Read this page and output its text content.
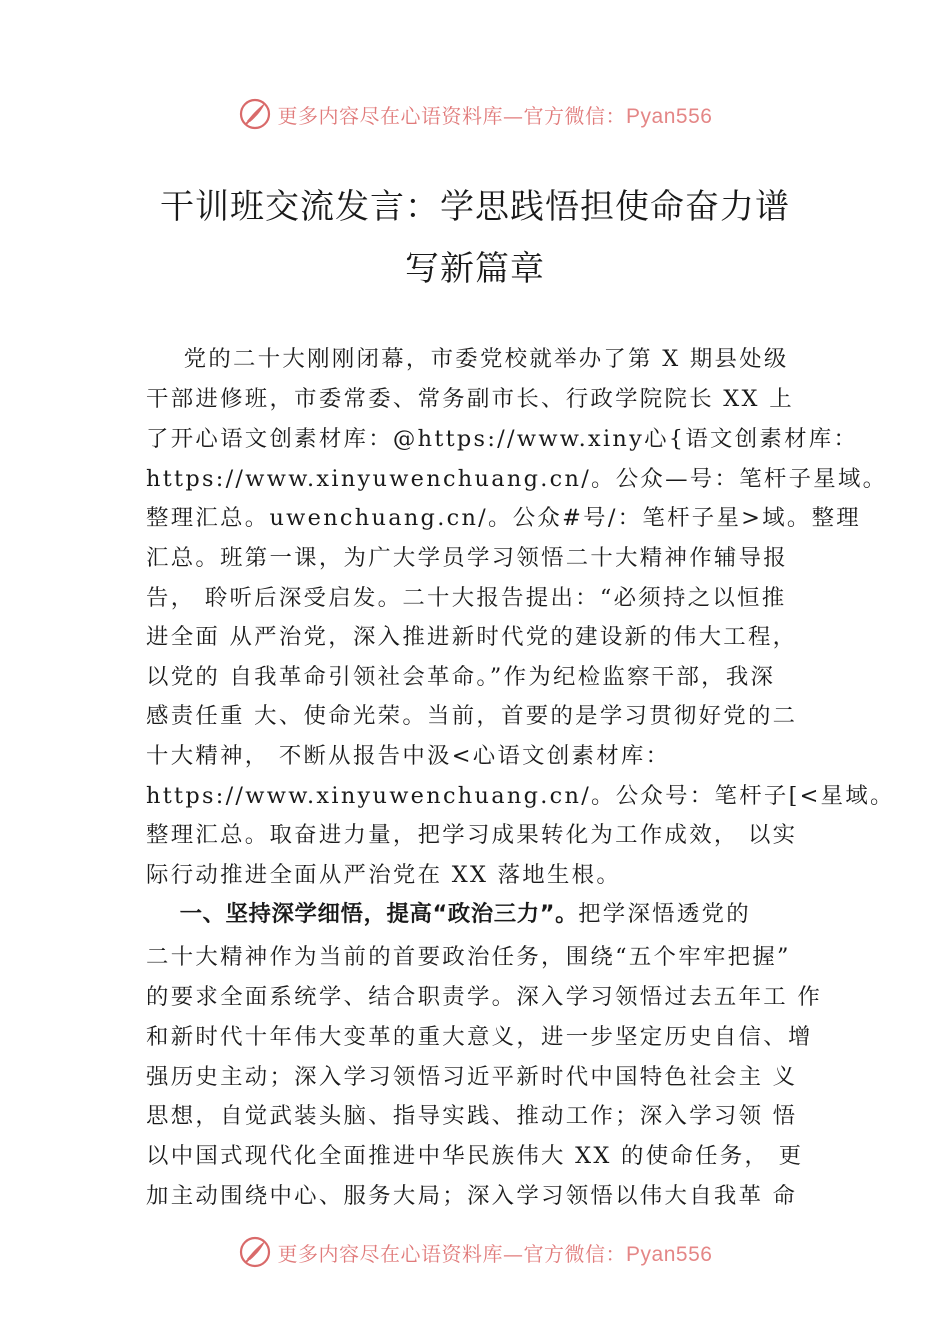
更多内容尽在心语资料库—官方微信：Pyan556
干训班交流发言：学思践悟担使命奋力谱
写新篇章
党的二十大刚刚闭幕，市委党校就举办了第 X 期县处级
干部进修班，市委常委、常务副市长、行政学院院长 XX 上
了开心语文创素材库：@https://www.xiny心{语文创素材库：
https://www.xinyuwenchuang.cn/。公众—号：笔杆子星域。
整理汇总。uwenchuang.cn/。公众#号/：笔杆子星>域。整理
汇总。班第一课，为广大学员学习领悟二十大精神作辅导报
告， 聆听后深受启发。二十大报告提出：“必须持之以恒推
进全面 从严治党，深入推进新时代党的建设新的伟大工程，
以党的 自我革命引领社会革命。”作为纪检监察干部，我深
感责任重 大、使命光荣。当前，首要的是学习贯彻好党的二
十大精神， 不断从报告中汲<心语文创素材库：
https://www.xinyuwenchuang.cn/。公众号：笔杆子[<星域。
整理汇总。取奋进力量，把学习成果转化为工作成效， 以实
际行动推进全面从严治党在 XX 落地生根。
一、坚持深学细悟，提高“政治三力”。把学深悟透党的
二十大精神作为当前的首要政治任务，围绕“五个牢牢把握”
的要求全面系统学、结合职责学。深入学习领悟过去五年工 作
和新时代十年伟大变革的重大意义，进一步坚定历史自信、增
强历史主动；深入学习领悟习近平新时代中国特色社会主 义
思想，自觉武装头脑、指导实践、推动工作；深入学习领 悟
以中国式现代化全面推进中华民族伟大 XX 的使命任务， 更
加主动围绕中心、服务大局；深入学习领悟以伟大自我革 命
更多内容尽在心语资料库—官方微信：Pyan556
